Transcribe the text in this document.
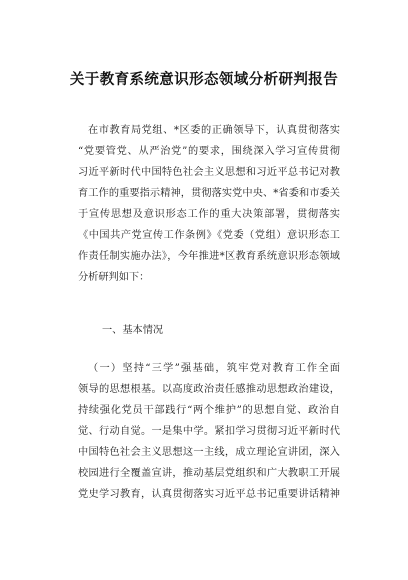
关于教育系统意识形态领域分析研判报告
在市教育局党组、*区委的正确领导下，认真贯彻落实
“党要管党、从严治党”的要求，围绕深入学习宣传贯彻
习近平新时代中国特色社会主义思想和习近平总书记对教
育工作的重要指示精神，贯彻落实党中央、*省委和市委关
于宣传思想及意识形态工作的重大决策部署，贯彻落实
《中国共产党宣传工作条例》《党委（党组）意识形态工
作责任制实施办法》，今年推进*区教育系统意识形态领域
分析研判如下：
一、基本情况
（一）坚持“三学”强基础，筑牢党对教育工作全面
领导的思想根基。以高度政治责任感推动思想政治建设，
持续强化党员干部践行“两个维护”的思想自觉、政治自
觉、行动自觉。一是集中学。紧扣学习贯彻习近平新时代
中国特色社会主义思想这一主线，成立理论宣讲团，深入
校园进行全覆盖宣讲，推动基层党组织和广大教职工开展
党史学习教育，认真贯彻落实习近平总书记重要讲话精神
